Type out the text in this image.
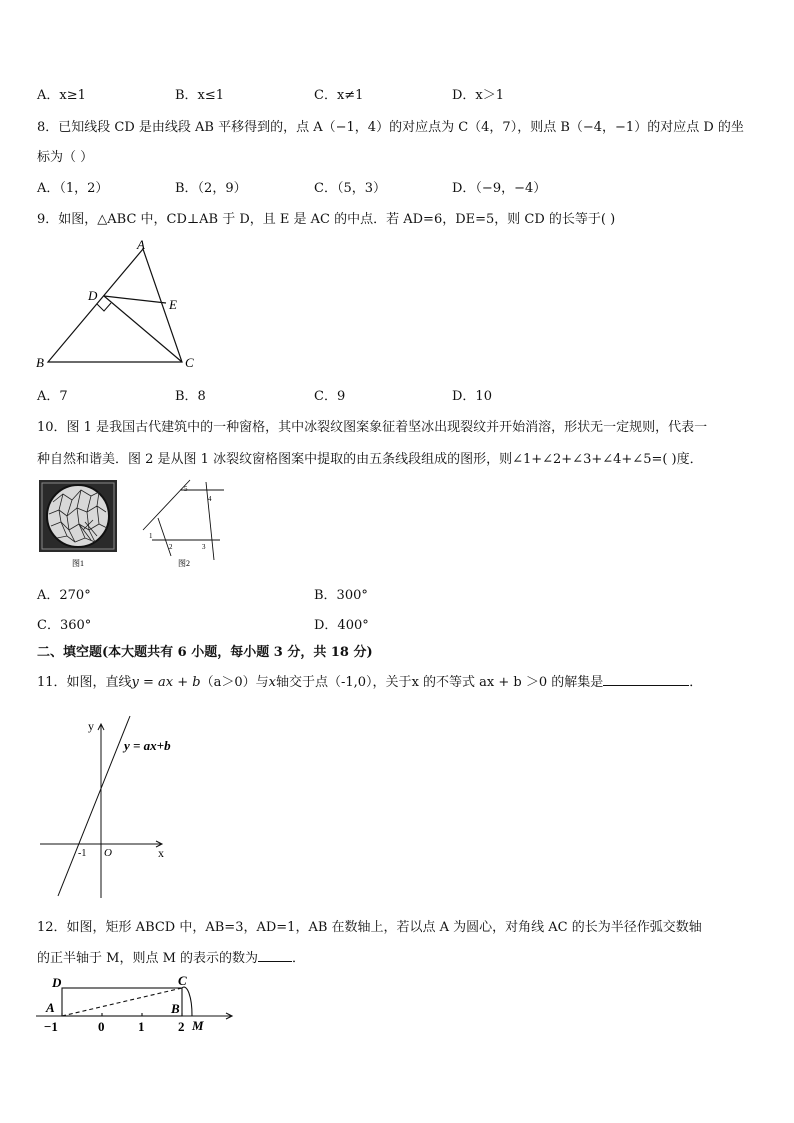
A．x≥1	B．x≤1	C．x≠1	D．x＞1
8．已知线段 CD 是由线段 AB 平移得到的，点 A（−1，4）的对应点为 C（4，7），则点 B（−4，−1）的对应点 D 的坐
标为（ ）
A．（1，2）	B．（2，9）	C．（5，3）	D．（−9，−4）
9．如图，△ABC 中，CD⊥AB 于 D，且 E 是 AC 的中点．若 AD=6，DE=5，则 CD 的长等于( )
A
D
E
B	C
A．7	B．8	C．9	D．10
10．图 1 是我国古代建筑中的一种窗格，其中冰裂纹图案象征着坚冰出现裂纹并开始消溶，形状无一定规则，代表一
种自然和谐美．图 2 是从图 1 冰裂纹窗格图案中提取的由五条线段组成的图形，则∠1+∠2+∠3+∠4+∠5=( )度．
图1
5
4
1
2	3
图2
A．270°	B．300°
C．360°	D．400°
二、填空题(本大题共有 6 小题，每小题 3 分，共 18 分)
11．如图，直线y = ax + b（a＞0）与x轴交于点（-1,0），关于x 的不等式 ax + b ＞0 的解集是	．
y
x
O
-1
y = ax+b
12．如图，矩形 ABCD 中，AB=3，AD=1，AB 在数轴上，若以点 A 为圆心，对角线 AC 的长为半径作弧交数轴
的正半轴于 M，则点 M 的表示的数为	．
D	C
A	B
M
−1	0	1	2
